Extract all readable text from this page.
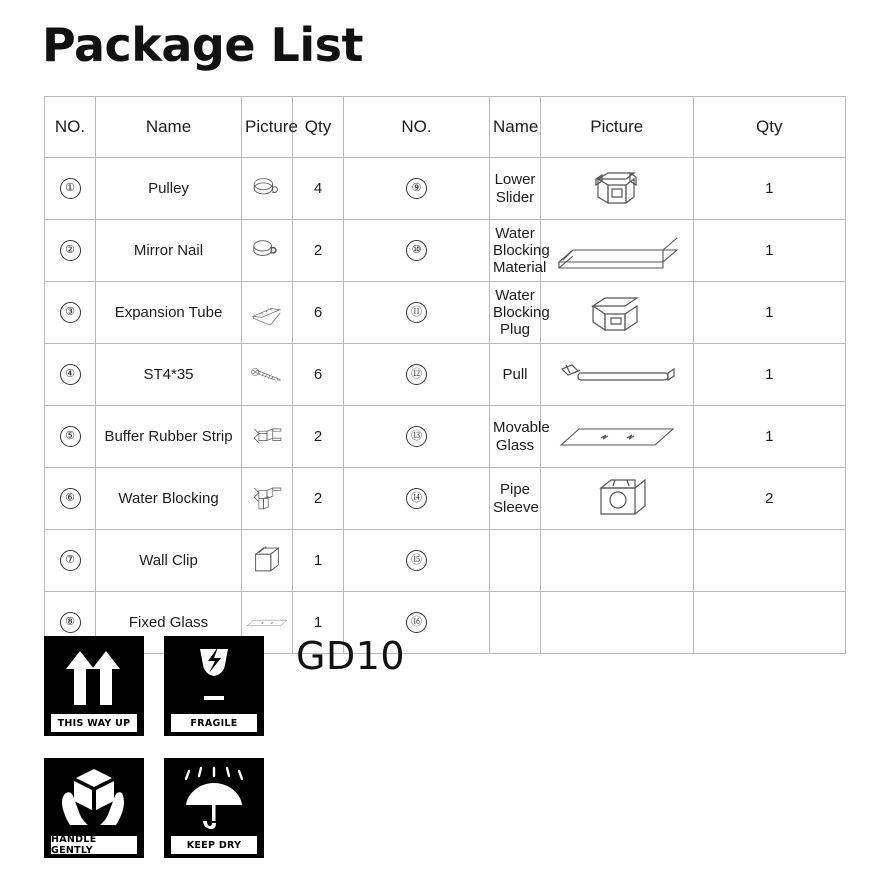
Package List
NO.	Name	Picture	Qty	NO.	Name	Picture	Qty
①	Pulley		4	⑨	Lower Slider		1
②	Mirror Nail		2	⑩	Water Blocking Material		1
③	Expansion Tube		6	⑪	Water Blocking Plug		1
④	ST4*35		6	⑫	Pull		1
⑤	Buffer Rubber Strip		2	⑬	Movable Glass		1
⑥	Water Blocking		2	⑭	Pipe Sleeve		2
⑦	Wall Clip		1	⑮		

⑧	Fixed Glass		1	⑯		

THIS WAY UP	FRAGILE
HANDLE GENTLY	KEEP DRY
GD10
